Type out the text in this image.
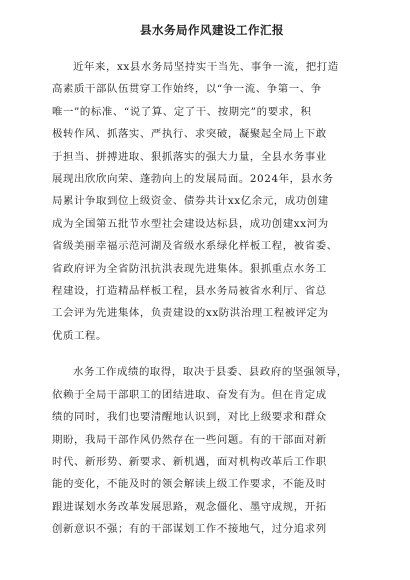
县水务局作风建设工作汇报
近年来，xx县水务局坚持实干当先、事争一流，把打造
高素质干部队伍贯穿工作始终，以“争一流、争第一、争
唯一”的标准、“说了算、定了干、按期完”的要求，积
极转作风、抓落实、严执行、求突破，凝聚起全局上下敢
于担当、拼搏进取、狠抓落实的强大力量，全县水务事业
展现出欣欣向荣、蓬勃向上的发展局面。2024年，县水务
局累计争取到位上级资金、债券共计xx亿余元，成功创建
成为全国第五批节水型社会建设达标县，成功创建xx河为
省级美丽幸福示范河湖及省级水系绿化样板工程，被省委、
省政府评为全省防汛抗洪表现先进集体。狠抓重点水务工
程建设，打造精品样板工程，县水务局被省水利厅、省总
工会评为先进集体，负责建设的xx防洪治理工程被评定为
优质工程。
水务工作成绩的取得，取决于县委、县政府的坚强领导，
依赖于全局干部职工的团结进取、奋发有为。但在肯定成
绩的同时，我们也要清醒地认识到，对比上级要求和群众
期盼，我局干部作风仍然存在一些问题。有的干部面对新
时代、新形势、新要求、新机遇，面对机构改革后工作职
能的变化，不能及时的领会解读上级工作要求，不能及时
跟进谋划水务改革发展思路，观念僵化、墨守成规，开拓
创新意识不强；有的干部谋划工作不接地气，过分追求列
